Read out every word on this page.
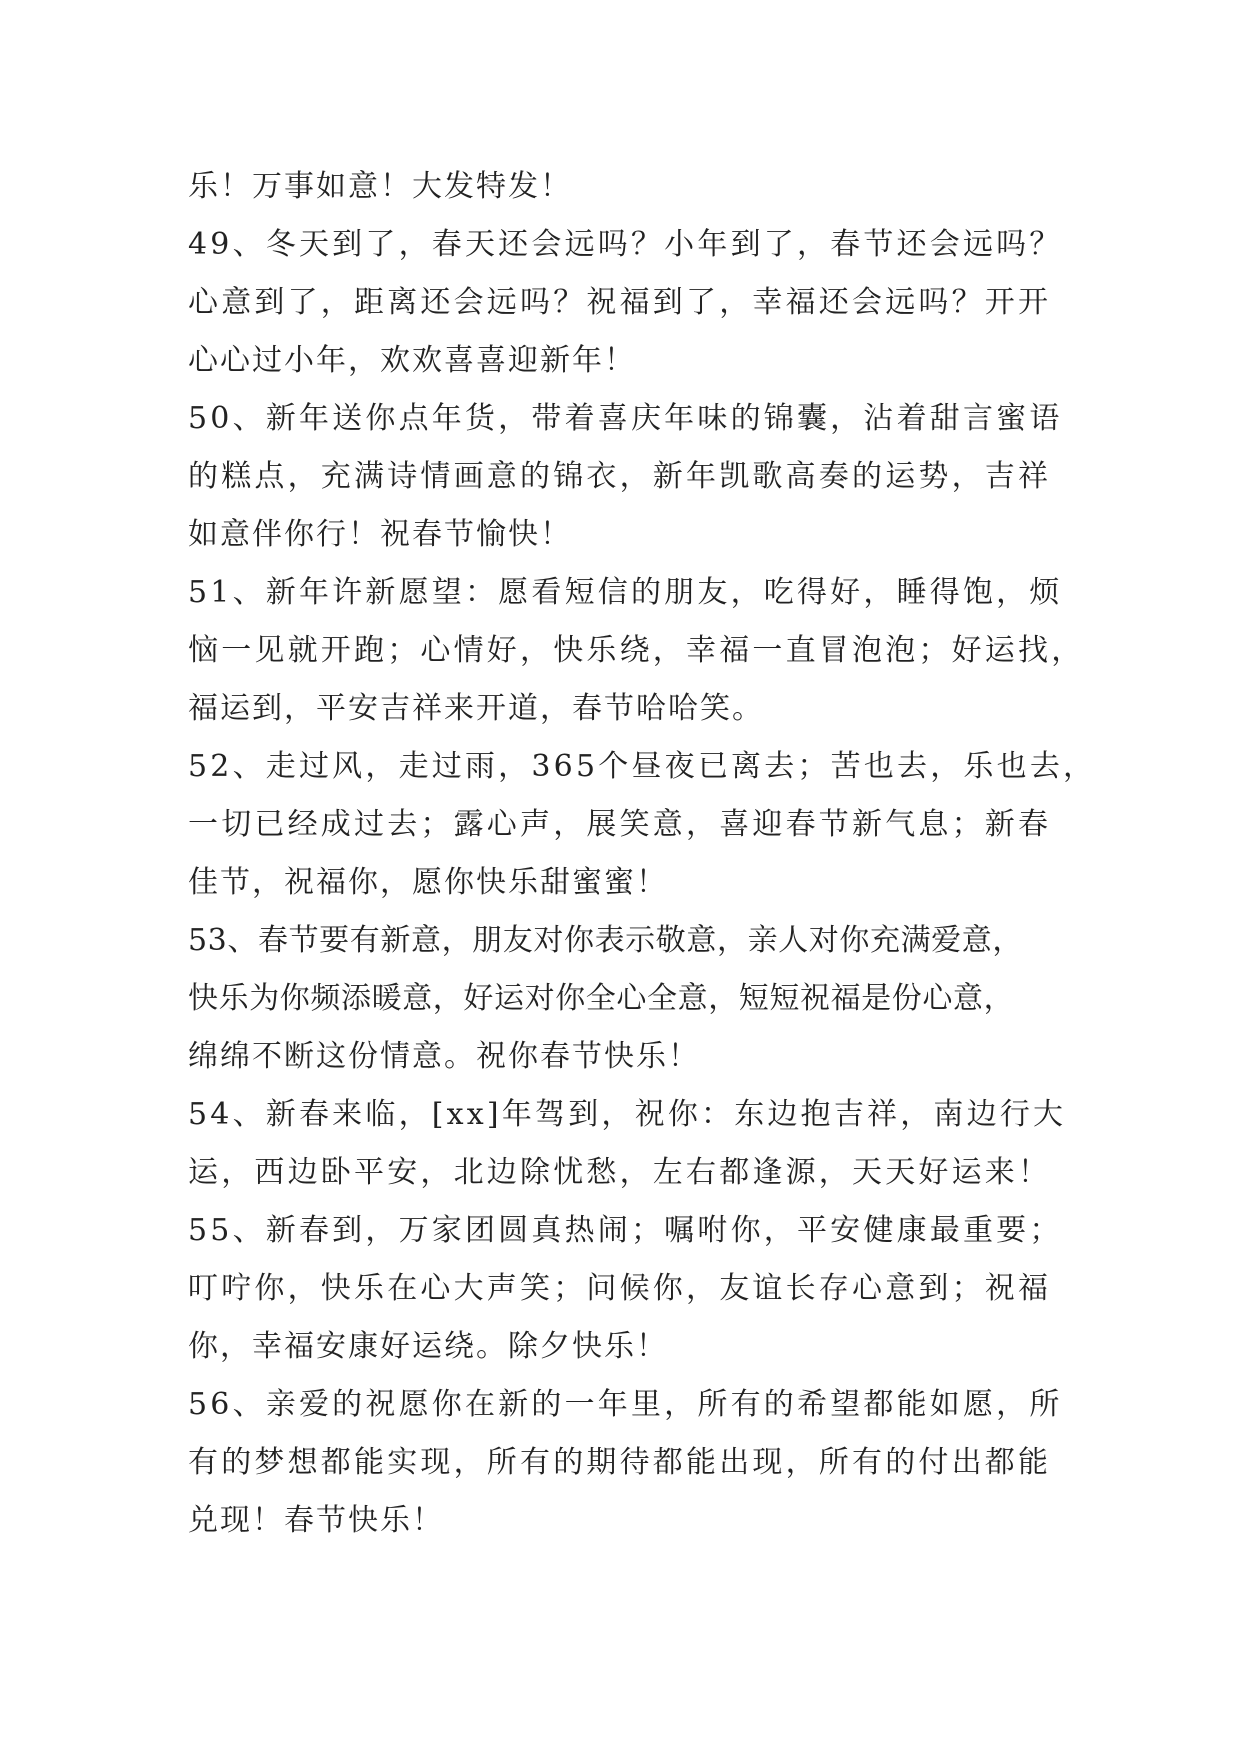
乐！万事如意！大发特发！
49、冬天到了，春天还会远吗？小年到了，春节还会远吗？
心意到了，距离还会远吗？祝福到了，幸福还会远吗？开开
心心过小年，欢欢喜喜迎新年！
50、新年送你点年货，带着喜庆年味的锦囊，沾着甜言蜜语
的糕点，充满诗情画意的锦衣，新年凯歌高奏的运势，吉祥
如意伴你行！祝春节愉快！
51、新年许新愿望：愿看短信的朋友，吃得好，睡得饱，烦
恼一见就开跑；心情好，快乐绕，幸福一直冒泡泡；好运找，
福运到，平安吉祥来开道，春节哈哈笑。
52、走过风，走过雨，365个昼夜已离去；苦也去，乐也去，
一切已经成过去；露心声，展笑意，喜迎春节新气息；新春
佳节，祝福你，愿你快乐甜蜜蜜！
53、春节要有新意，朋友对你表示敬意，亲人对你充满爱意，
快乐为你频添暖意，好运对你全心全意，短短祝福是份心意，
绵绵不断这份情意。祝你春节快乐！
54、新春来临，[xx]年驾到，祝你：东边抱吉祥，南边行大
运，西边卧平安，北边除忧愁，左右都逢源，天天好运来！
55、新春到，万家团圆真热闹；嘱咐你，平安健康最重要；
叮咛你，快乐在心大声笑；问候你，友谊长存心意到；祝福
你，幸福安康好运绕。除夕快乐！
56、亲爱的祝愿你在新的一年里，所有的希望都能如愿，所
有的梦想都能实现，所有的期待都能出现，所有的付出都能
兑现！春节快乐！
